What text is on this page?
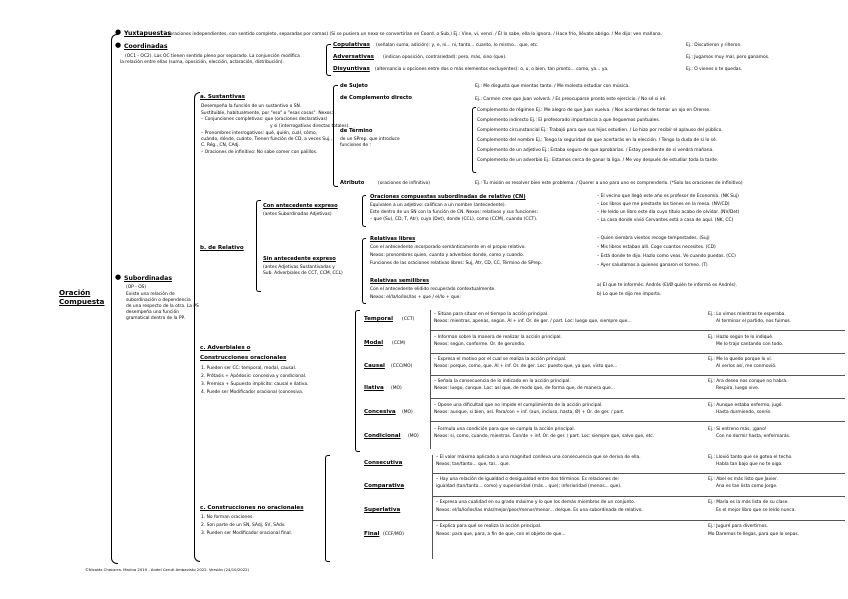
Oración
Compuesta
● Yuxtapuestas
(oraciones independientes, con sentido completo, separadas por comas) (Si se pusiera un nexo se convertirían en Coord. o Sub.) Ej.: Vine, vi, vencí. / Él lo sabe, ella lo ignora. / Hace frío, llévate abrigo. / Me dijo: ven mañana.
● Coordinadas
(OC1 - OC2). Las OC tienen sentido pleno por separado. La conjunción modifica
la relación entre ellas (suma, oposición, elección, aclaración, distribución).
Copulativas (señalan suma, adición): y, e, ni... ni, tanto... cuanto, lo mismo... que, etc.	Ej.: Discutieron y riñeron.
Adversativas (indican oposición, contrariedad): pero, mas, sino (que).	Ej.: Jugamos muy mal, pero ganamos.
Disyuntivas (alternancia u opciones entre dos o más elementos excluyentes): o, u, o bien, tan pronto... como, ya... ya.	Ej.: O vienes o te quedas.
● Subordinadas
(OP - OS)
Existe una relación de
subordinación o dependencia
de una respecto de la otra. La PS
desempeña una función
gramatical dentro de la PP.
a. Sustantivas
Desempeña la función de un sustantivo o SN.
Sustituible, habitualmente, por "eso" o "esas cosas". Nexos:
– Conjunciones completivas: que (oraciones declarativas)
y si (interrogativas directas totales).
– Pronombres interrogativos: qué, quién, cuál, cómo,
cuándo, dónde, cuánto. Tienen función de CD, a veces Suj.,
C. Rég., CN, CAdj.
– Oraciones de infinitivo: No sabe comer con palillos.
de Sujeto	Ej.: Me disgusta que mientas tanto. / Me molesta estudiar con música.
de Complemento directo	Ej.: Carmen cree que Juan volverá. / Es preocuparse pronto este ejercicio. / No sé si iré.
de Término
de un SPrep. que introduce
funciones de :
Complemento de régimen Ej.: Me alegro de que Juan vuelva. / Nos acordamos de tomar un ojo en Orense.
Complemento indirecto Ej.: El profesorado importancia a que lleguemos puntuales.
Complemento circunstancial Ej.: Trabajó para que sus hijos estudien. / Lo hizo por recibir el aplauso del público.
Complemento del nombre Ej.: Tengo la seguridad de que acertarás en la elección. / Tengo la duda de si lo sé.
Complemento de un adjetivo Ej.: Estaba seguro de que aprobarías. / Estoy pendiente de si vendrá mañana.
Complemento de un adverbio Ej.: Estamos cerca de ganar la liga. / Me voy después de estudiar toda la tarde.
Atributo	(oraciones de infinitivo)	Ej.: Tu misión es resolver bien este problema. / Querer a uno para uno es comprenderlo. (*Solo las oraciones de infinitivo)
b. de Relativo
Con antecedente expreso
(antes Subordinadas Adjetivas)
Sin antecedente expreso
(antes Adjetivas Sustantivadas y
Sub. Adverbiales de CCT, CCM, CCL)
Oraciones compuestas subordinadas de relativo (CN)
Equivalen a un adjetivo: califican a un nombre (antecedente).
Este dentro de un SN con la función de CN. Nexos: relativos y sus funciones:
– que (Su), CD, T, Atr), cuyo (Det), donde (CCL), como (CCM), cuando (CCT).
– El vecino que llegó este año es profesor de Economía. (NK Suj)
– Los libros que me prestaste los tienes en la mesa. (NV/CD)
– He leído un libro este día cuyo título acabo de olvidar. (NV/Det)
– La casa donde vivió Cervantes está a casa de aquí. (NK, CC)
Relativas libres
Con el antecedente incorporado semánticamente en el propio relativo.
Nexos: pronombres quien, cuanto y adverbios donde, como y cuando.
Funciones de las oraciones relativas libres: Suj, Atr, CD, CC, Término de SPrep.
– Quien siembra vientos recoge tempestades. (Suj)
– Mis libros estaban allí. Coge cuantos necesites. (CD)
– Está donde te dijo. Hazlo como veas. Ve cuando puedas. (CC)
– Ayer saludamos a quienes ganaron el torneo. (T)
Relativas semilibres
Con el antecedente elidido recuperado contextualmente.
Nexos: el/la/lo/los/las + que / el/lo + que:
a) El que te informés. Andrés (El/Ø quién te informó es Andrés).
b) Lo que te dijo me importa.
c. Adverbiales o
Construcciones oracionales
1. Pueden ser CC: temporal, modal, causal.
2. Prótasis + Apódosis: concesiva y condicional.
3. Premisa + Supuesto implícito: causal e ilativa.
4. Puede ser Modificador oracional (concesiva.
Temporal (CCT)
– Sitúan para situar en el tiempo la acción principal.
Nexos: mientras, apenas, según. Al + inf. Or. de ger. / part. Loc: luego que, siempre que...
Ej.: Lo vimos mientras te esperaba.
Al terminar el partido, nos fuimos.
Modal (CCM)
– Informan sobre la manera de realizar la acción principal.
Nexos: según, conforme. Or. de gerundio.
Ej.: Hazlo según te lo indiqué.
Me lo trajo cantando con todo.
Causal (CCC/MO)
– Expresa el motivo por el cual se realiza la acción principal.
Nexos: porque, como, que. Al + inf. Or. de ger. Loc: puesto que, ya que, visto que...
Ej.: Me lo quedo porque lo ví.
Al verlos así, me conmovió.
Ilativa (MO)
– Señala la consecuencia de lo indicado en la acción principal.
Nexos: luego, conque. Loc: así que, de modo que, de forma que, de manera que...
Ej.: Ara deseo nos conque no habrá.
Respira, luego vive.
Concesiva (MO)
– Opone una dificultad que no impide el cumplimiento de la acción principal.
Nexos: aunque, si bien, así. Para/con + inf. (aun, incluso, hasta, Ø) + Or. de ger. / part.
Ej.: Aunque estaba enfermo, jugó.
Hasta durmiendo, sonríe.
Condicional (MO)
– Formula una condición para que se cumpla la acción principal.
Nexos: si, como, cuando, mientras. Con/de + inf. Or. de ger. / part. Loc: siempre que, salvo que, etc.
Ej.: Si entreno más, ¡gano!
Con no dormir hasta, enfermarás.
c. Construcciones no oracionales
1. No forman oraciones.
2. Son parte de un SN, SAdj, SV, SAdv.
3. Pueden ser Modificador oracional final.
Consecutiva
– El valor máximo aplicado a una magnitud conlleva una consecuencia que se deriva de ella.
Nexos: tan/tanto... que, tal... que.
Ej.: Llovió tanto que se gotea el techo.
Habla tan bajo que no te oigo.
Comparativa
– Hay una relación de igualdad o desigualdad entre dos términos. Es relaciones de:
igualdad (tan/tanto... como) y superioridad (más... que); inferioridad (menos... que).
Ej.: Abel es más listo que Javier.
Ana es tan lista como Jorge.
Superlativa
– Expresa una cualidad en su grado máximo y lo que los demás miembros de un conjunto.
Nexos: el/la/lo/los/las más/mejor/peor/menor/menor... de/que. Es una subordinada de relativo.
Ej.: María es la más lista de su clase.
Es el mejor libro que se leído nunca.
Final (CCF/MO)
– Explica para qué se realiza la acción principal.
Nexos: para que, para, a fin de que, con el objeto de que...
Ej.: Juguré para divertirnos.
Mo Daremos te llegas, para que lo sepas.
©Nicolás Chacarra. Marina 2019 - Andel Ceruti Ambavisto 2022. Versión (24/10/2022)
